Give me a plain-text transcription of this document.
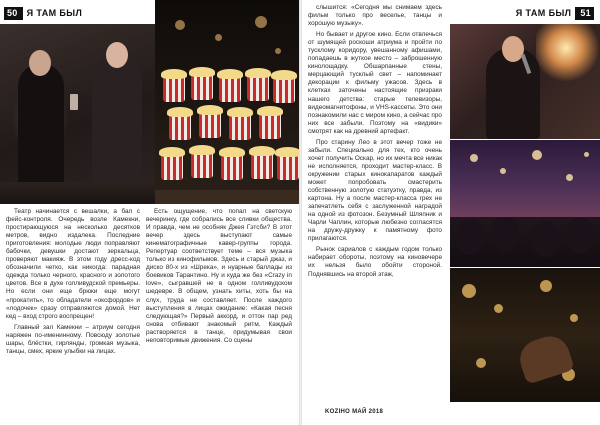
50	Я ТАМ БЫЛ

Театр начинается с вешалки, а бал с фейс-контроля. Очередь возле Камекни, простирающуюся на несколько десятков метров, видно издалека. Последние приготовления: молодые люди поправляют бабочки, девушки достают зеркальца, проверяют макияж. В этом году дресс-код обозначили четко, как никогда: парадная одежда только черного, красного и золотого цветов. Все в духе голливудской премьеры. Но если они еще брюки еще могут «прокатить», то обладатели «оксфордов» и «лодочек» сразу отправляются домой. Нет кед – вход строго воспрещен!

Главный зал Камекни – атриум сегодня наряжен по-именинному. Повсюду золотые шары, блёстки, гирлянды, громкая музыка, танцы, смех, яркие улыбки на лицах.

Есть ощущение, что попал на светскую вечеринку, где собрались все сливки общества. И правда, чем не особняк Джея Гэтсби? В этот вечер здесь выступают самые кинематографичные кавер-группы города. Репертуар соответствует теме – вся музыка только из кинофильмов. Здесь и старый джаз, и диско 80-х из «Шрека», и нуарные баллады из боевиков Тарантино. Ну и куда же без «Crazy in love», сыгравшей не в одном голливудском шедевре. В общем, узнать хиты, хоть бы на слух, труда не составляет. После каждого выступления в лицах ожидание: «Какая песня следующая?» Первый аккорд, и оттон пар ред снова отбивают знакомый ритм. Каждый растворяется в танце, придумывая свои неповторимые движения. Со сцены

Я ТАМ БЫЛ	51

слышится: «Сегодня мы снимаем здесь фильм только про веселье, танцы и хорошую музыку».

Но бывает и другое кино. Если отвлечься от шумящей роскоши атриума и пройти по тусклому коридору, увешанному афишами, попадаешь в жуткое место – заброшенную кинолощадку. Обшарпанные стены, мерцающий тусклый свет – напоминает декорации к фильму ужасов. Здесь в клетках заточены настоящие призраки нашего детства: старые телевизоры, видеомагнитофоны, и VHS-кассеты. Это они познакомили нас с миром кино, а сейчас про них все забыли. Поэтому на «видики» смотрят как на древний артефакт.

Про старину Лео в этот вечер тоже не забыли. Специально для тех, кто очень хочет получить Оскар, но их мечта все никак не исполняется, проходит мастер-класс. В окружении старых кинокапаратов каждый может попробовать смастерить собственную золотую статуэтку, правда, из картона. Ну а после мастер-класса грех не запечатлеть себя с заслуженной наградой на одной из фотозон. Безумный Шляпник и Чарли Чаплин, которые любезно согласятся на дружу-дружку к памятному фото прилагаются.

Рынок сариалов с каждым годом только набирает обороты, поэтому на киновечере их нельзя было обойти стороной. Поднявшись на второй этаж,

KOZIHO МАЙ 2018
